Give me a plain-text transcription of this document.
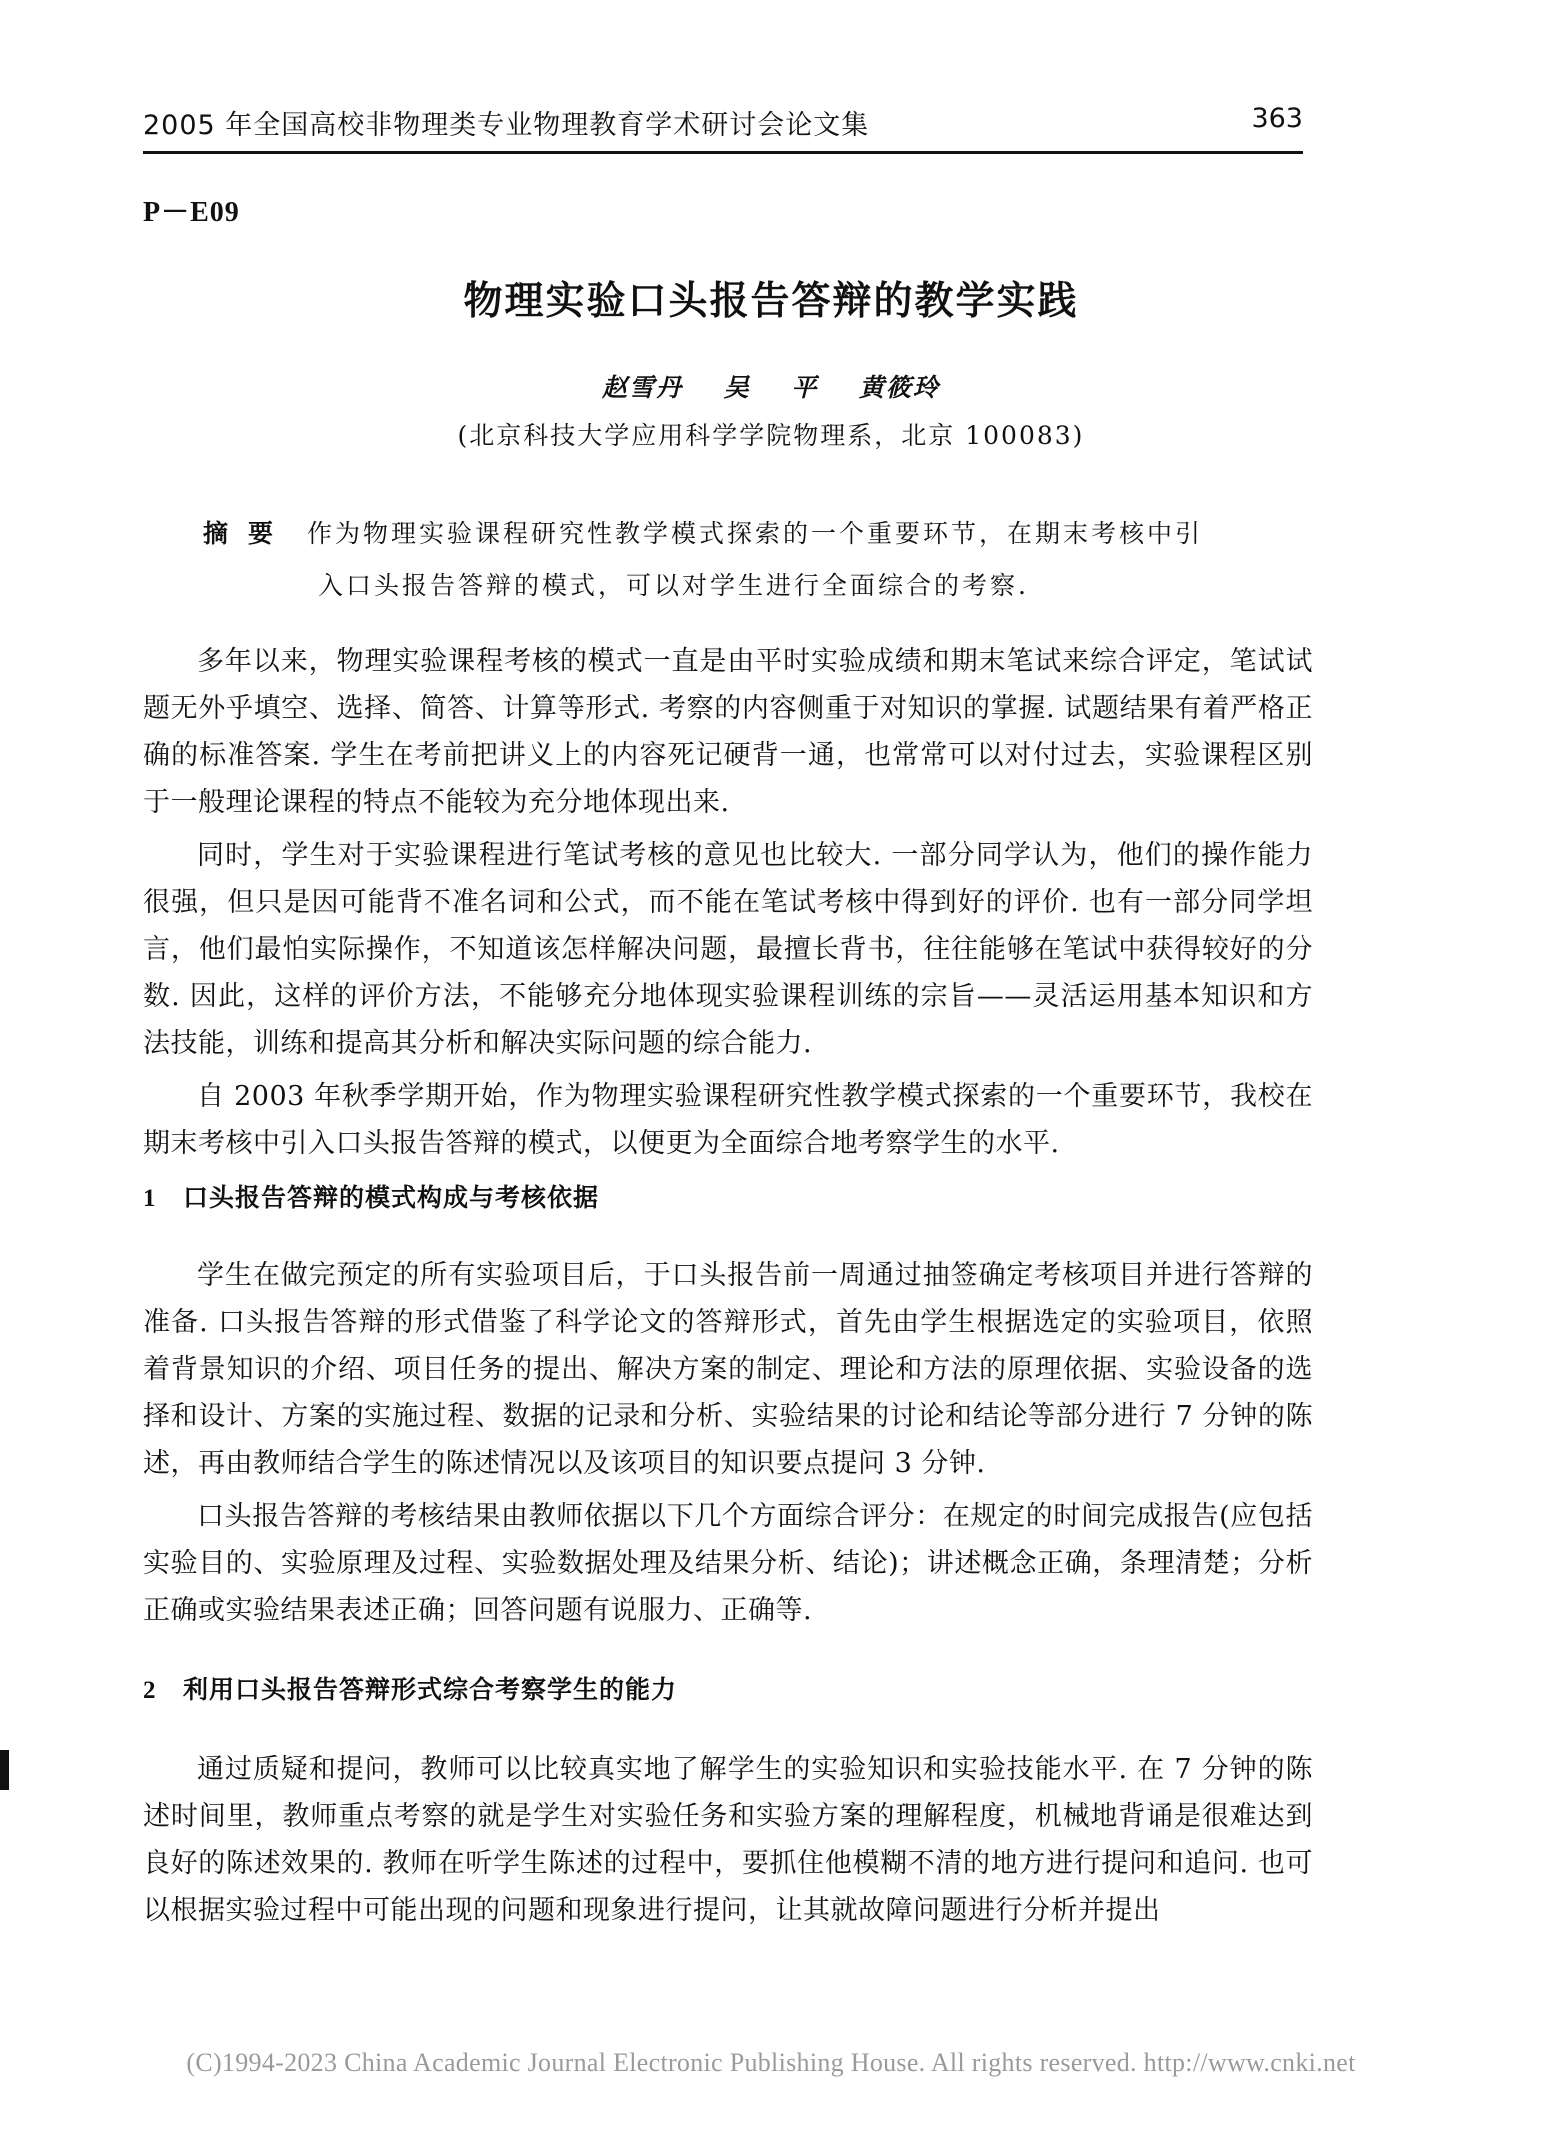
2005 年全国高校非物理类专业物理教育学术研讨会论文集	363
P－E09
物理实验口头报告答辩的教学实践
赵雪丹 吴 平 黄筱玲
(北京科技大学应用科学学院物理系，北京 100083)
摘要 作为物理实验课程研究性教学模式探索的一个重要环节，在期末考核中引
入口头报告答辩的模式，可以对学生进行全面综合的考察.

多年以来，物理实验课程考核的模式一直是由平时实验成绩和期末笔试来综合评定，笔试试题无外乎填空、选择、简答、计算等形式. 考察的内容侧重于对知识的掌握. 试题结果有着严格正确的标准答案. 学生在考前把讲义上的内容死记硬背一通，也常常可以对付过去，实验课程区别于一般理论课程的特点不能较为充分地体现出来.

同时，学生对于实验课程进行笔试考核的意见也比较大. 一部分同学认为，他们的操作能力很强，但只是因可能背不准名词和公式，而不能在笔试考核中得到好的评价. 也有一部分同学坦言，他们最怕实际操作，不知道该怎样解决问题，最擅长背书，往往能够在笔试中获得较好的分数. 因此，这样的评价方法，不能够充分地体现实验课程训练的宗旨——灵活运用基本知识和方法技能，训练和提高其分析和解决实际问题的综合能力.

自 2003 年秋季学期开始，作为物理实验课程研究性教学模式探索的一个重要环节，我校在期末考核中引入口头报告答辩的模式，以便更为全面综合地考察学生的水平.

1 口头报告答辩的模式构成与考核依据

学生在做完预定的所有实验项目后，于口头报告前一周通过抽签确定考核项目并进行答辩的准备. 口头报告答辩的形式借鉴了科学论文的答辩形式，首先由学生根据选定的实验项目，依照着背景知识的介绍、项目任务的提出、解决方案的制定、理论和方法的原理依据、实验设备的选择和设计、方案的实施过程、数据的记录和分析、实验结果的讨论和结论等部分进行 7 分钟的陈述，再由教师结合学生的陈述情况以及该项目的知识要点提问 3 分钟.

口头报告答辩的考核结果由教师依据以下几个方面综合评分：在规定的时间完成报告(应包括实验目的、实验原理及过程、实验数据处理及结果分析、结论)；讲述概念正确，条理清楚；分析正确或实验结果表述正确；回答问题有说服力、正确等.

2 利用口头报告答辩形式综合考察学生的能力

通过质疑和提问，教师可以比较真实地了解学生的实验知识和实验技能水平. 在 7 分钟的陈述时间里，教师重点考察的就是学生对实验任务和实验方案的理解程度，机械地背诵是很难达到良好的陈述效果的. 教师在听学生陈述的过程中，要抓住他模糊不清的地方进行提问和追问. 也可以根据实验过程中可能出现的问题和现象进行提问，让其就故障问题进行分析并提出

(C)1994-2023 China Academic Journal Electronic Publishing House. All rights reserved. http://www.cnki.net
